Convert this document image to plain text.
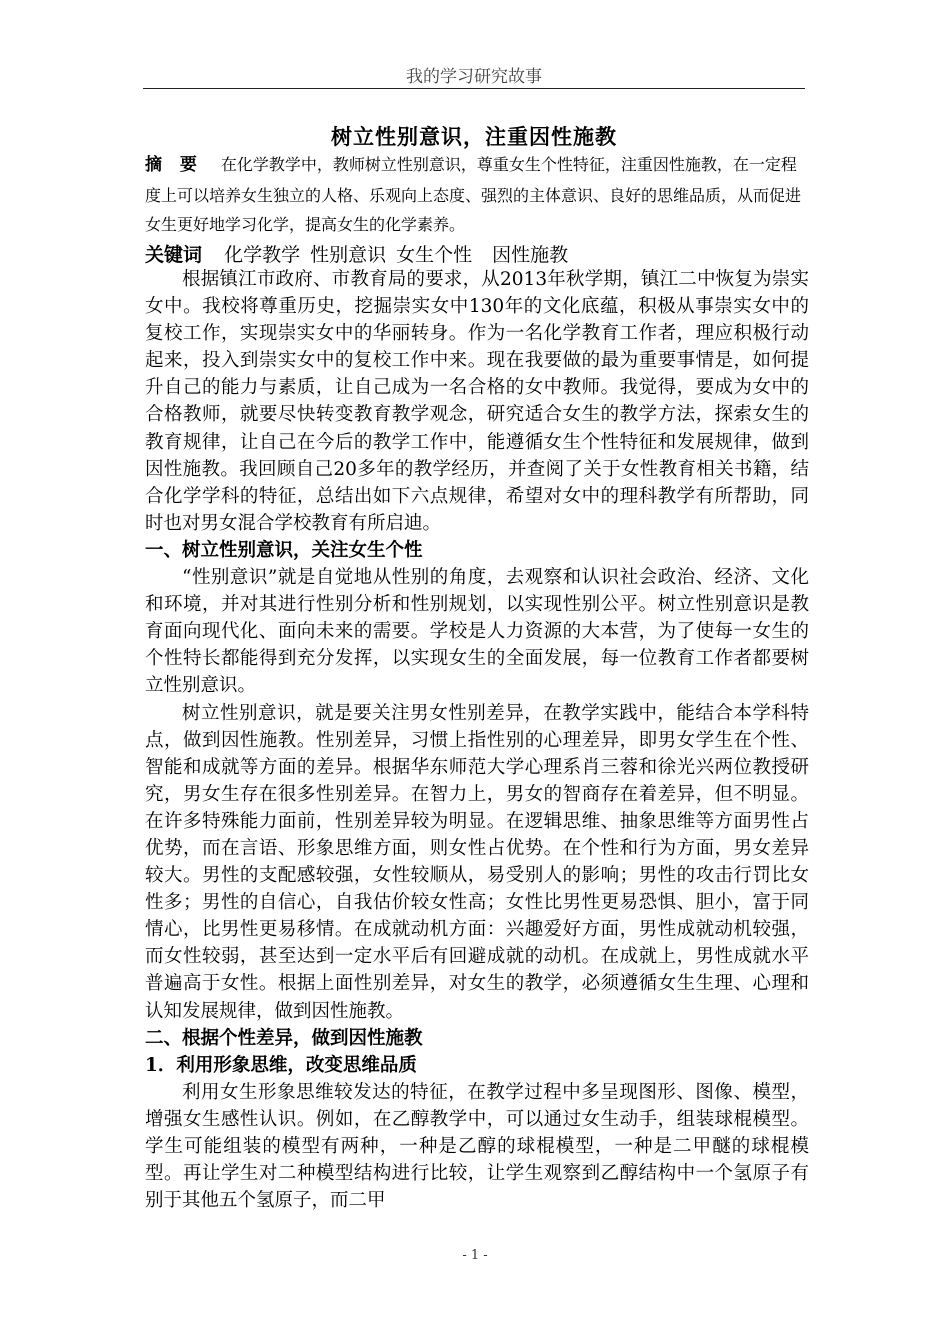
我的学习研究故事
树立性别意识，注重因性施教
摘 要 在化学教学中，教师树立性别意识，尊重女生个性特征，注重因性施教，在一定程度上可以培养女生独立的人格、乐观向上态度、强烈的主体意识、良好的思维品质，从而促进女生更好地学习化学，提高女生的化学素养。
关键词 化学教学 性别意识 女生个性 因性施教

根据镇江市政府、市教育局的要求，从2013年秋学期，镇江二中恢复为崇实女中。我校将尊重历史，挖掘崇实女中130年的文化底蕴，积极从事崇实女中的复校工作，实现崇实女中的华丽转身。作为一名化学教育工作者，理应积极行动起来，投入到崇实女中的复校工作中来。现在我要做的最为重要事情是，如何提升自己的能力与素质，让自己成为一名合格的女中教师。我觉得，要成为女中的合格教师，就要尽快转变教育教学观念，研究适合女生的教学方法，探索女生的教育规律，让自己在今后的教学工作中，能遵循女生个性特征和发展规律，做到因性施教。我回顾自己20多年的教学经历，并查阅了关于女性教育相关书籍，结合化学学科的特征，总结出如下六点规律，希望对女中的理科教学有所帮助，同时也对男女混合学校教育有所启迪。

一、树立性别意识，关注女生个性

“性别意识”就是自觉地从性别的角度，去观察和认识社会政治、经济、文化和环境，并对其进行性别分析和性别规划，以实现性别公平。树立性别意识是教育面向现代化、面向未来的需要。学校是人力资源的大本营，为了使每一女生的个性特长都能得到充分发挥，以实现女生的全面发展，每一位教育工作者都要树立性别意识。

树立性别意识，就是要关注男女性别差异，在教学实践中，能结合本学科特点，做到因性施教。性别差异，习惯上指性别的心理差异，即男女学生在个性、智能和成就等方面的差异。根据华东师范大学心理系肖三蓉和徐光兴两位教授研究，男女生存在很多性别差异。在智力上，男女的智商存在着差异，但不明显。在许多特殊能力面前，性别差异较为明显。在逻辑思维、抽象思维等方面男性占优势，而在言语、形象思维方面，则女性占优势。在个性和行为方面，男女差异较大。男性的支配感较强，女性较顺从，易受别人的影响；男性的攻击行罚比女性多；男性的自信心，自我估价较女性高；女性比男性更易恐惧、胆小，富于同情心，比男性更易移情。在成就动机方面：兴趣爱好方面，男性成就动机较强，而女性较弱，甚至达到一定水平后有回避成就的动机。在成就上，男性成就水平普遍高于女性。根据上面性别差异，对女生的教学，必须遵循女生生理、心理和认知发展规律，做到因性施教。

二、根据个性差异，做到因性施教
1．利用形象思维，改变思维品质

利用女生形象思维较发达的特征，在教学过程中多呈现图形、图像、模型，增强女生感性认识。例如，在乙醇教学中，可以通过女生动手，组装球棍模型。学生可能组装的模型有两种，一种是乙醇的球棍模型，一种是二甲醚的球棍模型。再让学生对二种模型结构进行比较，让学生观察到乙醇结构中一个氢原子有别于其他五个氢原子，而二甲

- 1 -
